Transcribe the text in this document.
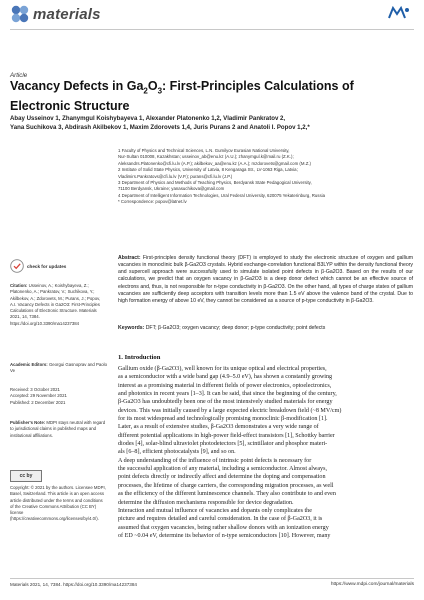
materials
Article
Vacancy Defects in $Ga_2O_3$: First-Principles Calculations of
Electronic Structure
Abay Usseinov 1, Zhanymgul Koishybayeva 1, Alexander Platonenko 1,2, Vladimir Pankratov 2,
Yana Suchikova 3, Abdirash Akilbekov 1, Maxim Zdorovets 1,4, Juris Purans 2 and Anatoli I. Popov 1,2,*
1 Faculty of Physics and Technical Sciences, L.N. Gumilyov Eurasian National University,
Nur-Sultan 010008, Kazakhstan; usseinov_ab@enu.kz (A.U.); zhanymgul.k@mail.ru (Z.K.);
Aleksandrs.Platonenko@cfi.lu.lv (A.P.); akilbekov_aa@enu.kz (A.A.); mzdorovets@gmail.com (M.Z.)
2 Institute of Solid State Physics, University of Latvia, 8 Kengaraga Str., LV-1063 Riga, Latvia;
Vladimirs.Pankratovs@cfi.lu.lv (V.P.); purans@cfi.lu.lv (J.P.)
3 Department of Physics and Methods of Teaching Physics, Berdyansk State Pedagogical University,
71100 Berdyansk, Ukraine; yanasuchikova@gmail.com
4 Department of Intelligent Information Technologies, Ural Federal University, 620075 Yekaterinburg, Russia
* Correspondence: popov@latnet.lv

Abstract: First-principles density functional theory (DFT) is employed to study the electronic structure of oxygen and gallium vacancies in monoclinic bulk β-Ga2O3 crystals. Hybrid exchange-correlation functional B3LYP within the density functional theory and supercell approach were successfully used to simulate isolated point defects in β-Ga2O3. Based on the results of our calculations, we predict that an oxygen vacancy in β-Ga2O3 is a deep donor defect which cannot be an effective source of electrons and, thus, is not responsible for n-type conductivity in β-Ga2O3. On the other hand, all types of charge states of gallium vacancies are sufficiently deep acceptors with transition levels more than 1.5 eV above the valence band of the crystal. Due to high formation energy of above 10 eV, they cannot be considered as a source of p-type conductivity in β-Ga2O3.

Keywords: DFT; β-Ga2O3; oxygen vacancy; deep donor; p-type conductivity; point defects
check for updates
Citation: Usseinov, A.; Koishybayeva, Z.; Platonenko, A.; Pankratov, V.; Suchikova, Y.; Akilbekov, A.; Zdorovets, M.; Purans, J.; Popov, A.I. Vacancy Defects in Ga2O3: First-Principles Calculations of Electronic Structure. Materials 2021, 14, 7384. https://doi.org/10.3390/ma14237384
Academic Editors: Georgui Gasnoprav and Paolo Ve
Received: 3 October 2021
Accepted: 29 November 2021
Published: 2 December 2021
Publisher's Note: MDPI stays neutral with regard to jurisdictional claims in published maps and institutional affiliations.
cc by
Copyright: © 2021 by the authors. Licensee MDPI, Basel, Switzerland. This article is an open access article distributed under the terms and conditions of the Creative Commons Attribution (CC BY) license (https://creativecommons.org/licenses/by/4.0/).
1. Introduction
Gallium oxide (β-Ga2O3), well known for its unique optical and electrical properties,
as a semiconductor with a wide band gap (4.9–5.0 eV), has shown a constantly growing
interest as a promising material in different fields of power electronics, optoelectronics,
and photonics in recent years [1–3]. It can be said, that since the beginning of the century,
β-Ga2O3 has undoubtedly been one of the most intensively studied materials for energy
devices. This was initially caused by a large expected electric breakdown field (~8 MV/cm)
for its most widespread and technologically promising monoclinic β-modification [1].
Later, as a result of extensive studies, β-Ga2O3 demonstrates a very wide range of
different potential applications in high-power field-effect transistors [1], Schottky barrier
diodes [4], solar-blind ultraviolet photodetectors [5], scintillator and phosphor materi-
als [6–8], efficient photocatalysts [9], and so on.
A deep understanding of the influence of intrinsic point defects is necessary for
the successful application of any material, including a semiconductor. Almost always,
point defects directly or indirectly affect and determine the doping and compensation
processes, the lifetime of charge carriers, the corresponding migration processes, as well
as the efficiency of the different luminescence channels. They also contribute to and even
determine the diffusion mechanisms responsible for device degradation.
Interaction and mutual influence of vacancies and dopants only complicates the
picture and requires detailed and careful consideration. In the case of β-Ga2O3, it is
assumed that oxygen vacancies, being rather shallow donors with an ionization energy
of ED ~0.04 eV, determine its behavior of n-type semiconductors [10]. However, many
Materials 2021, 14, 7384. https://doi.org/10.3390/ma14237384	https://www.mdpi.com/journal/materials
